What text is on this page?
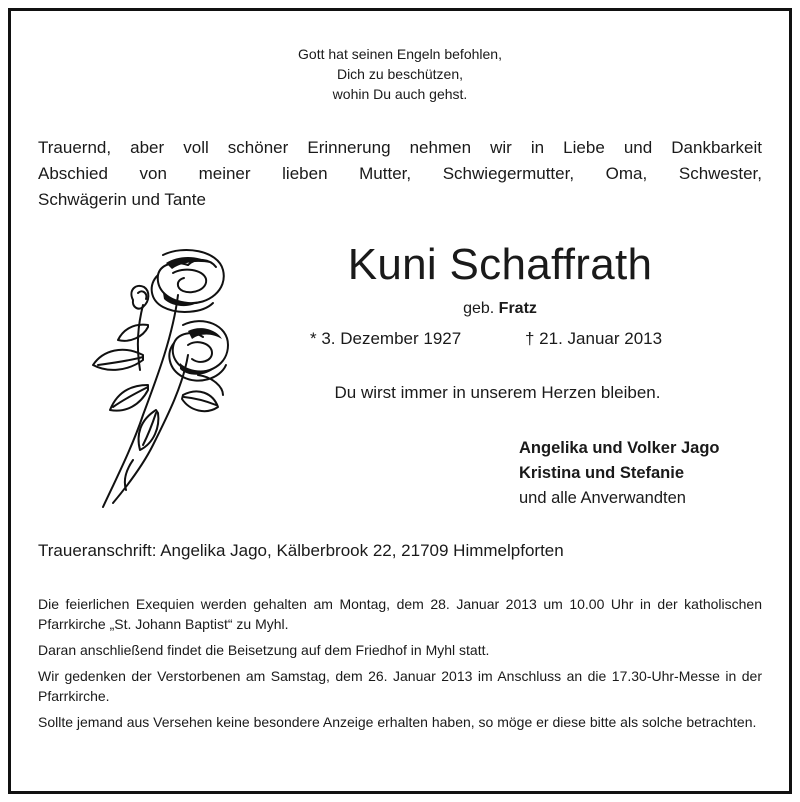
Gott hat seinen Engeln befohlen,
Dich zu beschützen,
wohin Du auch gehst.
Trauernd, aber voll schöner Erinnerung nehmen wir in Liebe und Dankbarkeit
Abschied von meiner lieben Mutter, Schwiegermutter, Oma, Schwester,
Schwägerin und Tante
Kuni Schaffrath
geb. Fratz
* 3. Dezember 1927	† 21. Januar 2013
Du wirst immer in unserem Herzen bleiben.
Angelika und Volker Jago
Kristina und Stefanie
und alle Anverwandten
Traueranschrift: Angelika Jago, Kälberbrook 22, 21709 Himmelpforten

Die feierlichen Exequien werden gehalten am Montag, dem 28. Januar 2013 um 10.00 Uhr in der katholischen Pfarrkirche „St. Johann Baptist“ zu Myhl.

Daran anschließend findet die Beisetzung auf dem Friedhof in Myhl statt.

Wir gedenken der Verstorbenen am Samstag, dem 26. Januar 2013 im Anschluss an die 17.30-Uhr-Messe in der Pfarrkirche.

Sollte jemand aus Versehen keine besondere Anzeige erhalten haben, so möge er diese bitte als solche betrachten.
